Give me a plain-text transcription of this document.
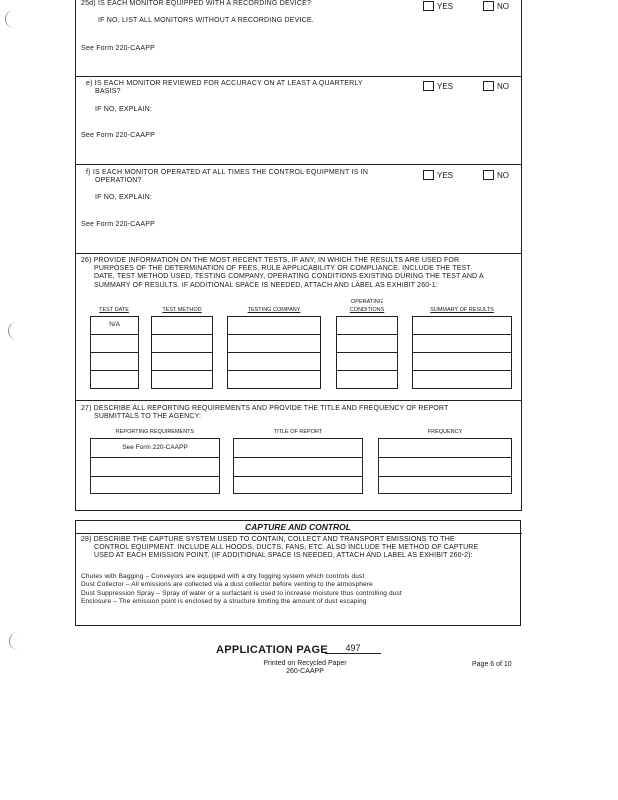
25d) IS EACH MONITOR EQUIPPED WITH A RECORDING DEVICE?	YES	NO
IF NO, LIST ALL MONITORS WITHOUT A RECORDING DEVICE.
See Form 220-CAAPP
e) IS EACH MONITOR REVIEWED FOR ACCURACY ON AT LEAST A QUARTERLY
BASIS?
YES	NO
IF NO, EXPLAIN:
See Form 220-CAAPP
f) IS EACH MONITOR OPERATED AT ALL TIMES THE CONTROL EQUIPMENT IS IN
OPERATION?
YES	NO
IF NO, EXPLAIN:
See Form 220-CAAPP
26) PROVIDE INFORMATION ON THE MOST RECENT TESTS, IF ANY, IN WHICH THE RESULTS ARE USED FOR
PURPOSES OF THE DETERMINATION OF FEES, RULE APPLICABILITY OR COMPLIANCE. INCLUDE THE TEST
DATE, TEST METHOD USED, TESTING COMPANY, OPERATING CONDITIONS EXISTING DURING THE TEST AND A
SUMMARY OF RESULTS. IF ADDITIONAL SPACE IS NEEDED, ATTACH AND LABEL AS EXHIBIT 260-1:
TEST DATE	TEST METHOD	TESTING COMPANY
OPERATING
CONDITIONS	SUMMARY OF RESULTS
N/A
27) DESCRIBE ALL REPORTING REQUIREMENTS AND PROVIDE THE TITLE AND FREQUENCY OF REPORT
SUBMITTALS TO THE AGENCY:
REPORTING REQUIREMENTS	TITLE OF REPORT	FREQUENCY
See Form 220-CAAPP
CAPTURE AND CONTROL
28) DESCRIBE THE CAPTURE SYSTEM USED TO CONTAIN, COLLECT AND TRANSPORT EMISSIONS TO THE
CONTROL EQUIPMENT. INCLUDE ALL HOODS, DUCTS, FANS, ETC. ALSO INCLUDE THE METHOD OF CAPTURE
USED AT EACH EMISSION POINT. (IF ADDITIONAL SPACE IS NEEDED, ATTACH AND LABEL AS EXHIBIT 260-2):
Chutes with Bagging – Conveyors are equipped with a dry fogging system which controls dust
Dust Collector – All emissions are collected via a dust collector before venting to the atmosphere
Dust Suppression Spray – Spray of water or a surfactant is used to increase moisture thus controlling dust
Enclosure – The emission point is enclosed by a structure limiting the amount of dust escaping
APPLICATION PAGE	497
Printed on Recycled Paper
260-CAAPP
Page 6 of 10
